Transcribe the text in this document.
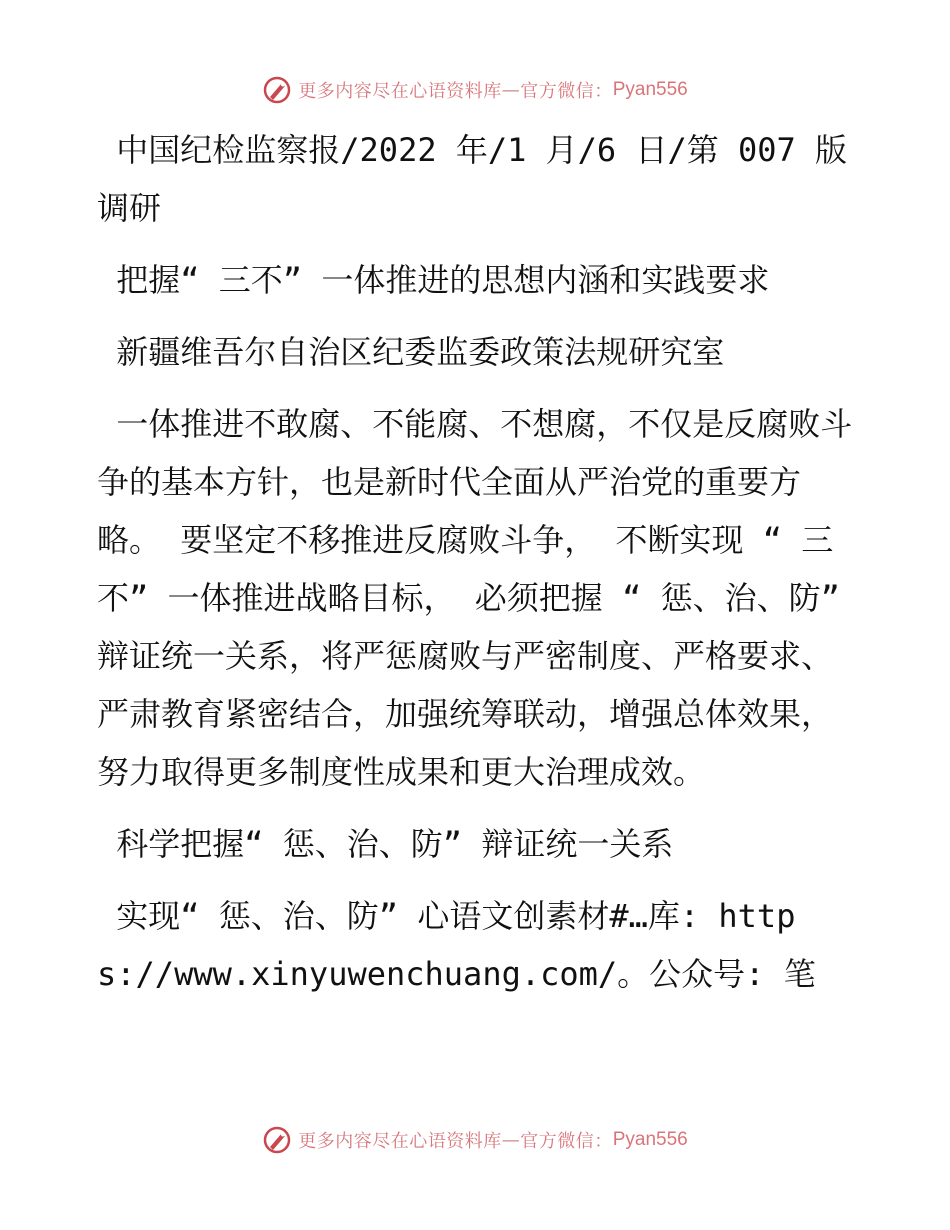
更多内容尽在心语资料库 — 官方微信： Pyan556

中国纪检监察报/2022 年/1 月/6 日/第 007 版

调研

把握“ 三不” 一体推进的思想内涵和实践要求

新疆维吾尔自治区纪委监委政策法规研究室

一体推进不敢腐、不能腐、不想腐，不仅是反腐败斗争的基本方针，也是新时代全面从严治党的重要方略。 要坚定不移推进反腐败斗争， 不断实现 “ 三不” 一体推进战略目标， 必须把握 “ 惩、治、防” 辩证统一关系，将严惩腐败与严密制度、严格要求、严肃教育紧密结合，加强统筹联动，增强总体效果，努力取得更多制度性成果和更大治理成效。

科学把握“ 惩、治、防” 辩证统一关系

实现“ 惩、治、防” 心语文创素材#…库: https://www.xinyuwenchuang.com/。公众号: 笔

更多内容尽在心语资料库 — 官方微信： Pyan556
